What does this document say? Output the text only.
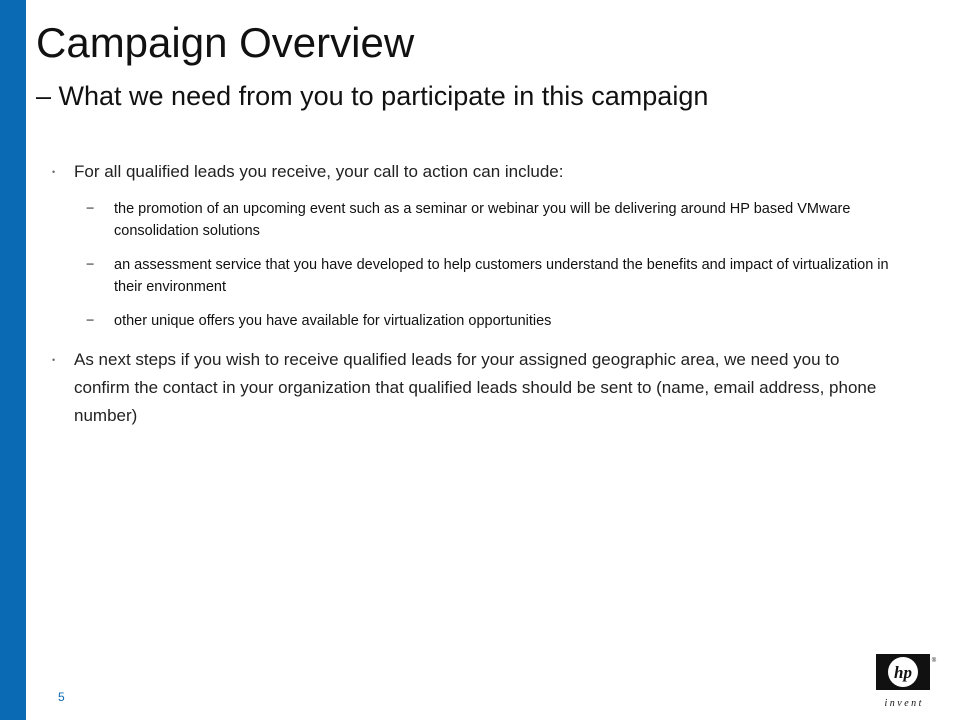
Campaign Overview
– What we need from you to participate in this campaign
• For all qualified leads you receive, your call to action can include:
− the promotion of an upcoming event such as a seminar or webinar you will be delivering around HP based VMware consolidation solutions
− an assessment service that you have developed to help customers understand the benefits and impact of virtualization in their environment
− other unique offers you have available for virtualization opportunities
• As next steps if you wish to receive qualified leads for your assigned geographic area, we need you to confirm the contact in your organization that qualified leads should be sent to (name, email address, phone number)
5
hp
®
i n v e n t
